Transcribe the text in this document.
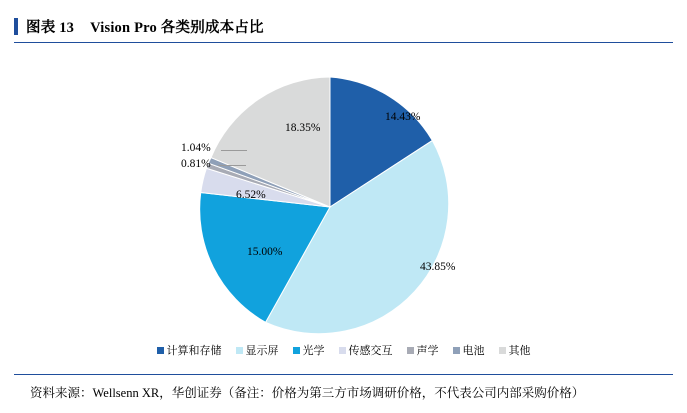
图表 13 Vision Pro 各类别成本占比
14.43%
43.85%
15.00%
6.52%
0.81%
1.04%
18.35%
计算和存储 显示屏 光学 传感交互 声学 电池 其他
资料来源：Wellsenn XR，华创证券（备注：价格为第三方市场调研价格，不代表公司内部采购价格）
